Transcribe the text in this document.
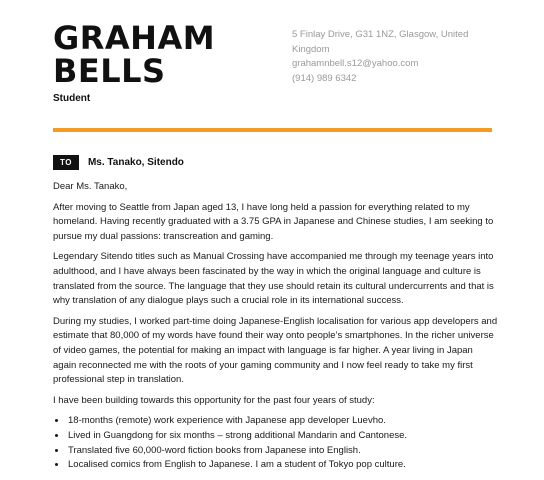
GRAHAM
BELLS
Student
5 Finlay Drive, G31 1NZ, Glasgow, United
Kingdom
grahamnbell.s12@yahoo.com
(914) 989 6342
TO	Ms. Tanako, Sitendo

Dear Ms. Tanako,

After moving to Seattle from Japan aged 13, I have long held a passion for everything related to my homeland. Having recently graduated with a 3.75 GPA in Japanese and Chinese studies, I am seeking to pursue my dual passions: transcreation and gaming.

Legendary Sitendo titles such as Manual Crossing have accompanied me through my teenage years into adulthood, and I have always been fascinated by the way in which the original language and culture is translated from the source. The language that they use should retain its cultural undercurrents and that is why translation of any dialogue plays such a crucial role in its international success.

During my studies, I worked part-time doing Japanese-English localisation for various app developers and estimate that 80,000 of my words have found their way onto people’s smartphones. In the richer universe of video games, the potential for making an impact with language is far higher. A year living in Japan again reconnected me with the roots of your gaming community and I now feel ready to take my first professional step in translation.

I have been building towards this opportunity for the past four years of study:

• 18-months (remote) work experience with Japanese app developer Luevho.
• Lived in Guangdong for six months – strong additional Mandarin and Cantonese.
• Translated five 60,000-word fiction books from Japanese into English.
• Localised comics from English to Japanese. I am a student of Tokyo pop culture.
